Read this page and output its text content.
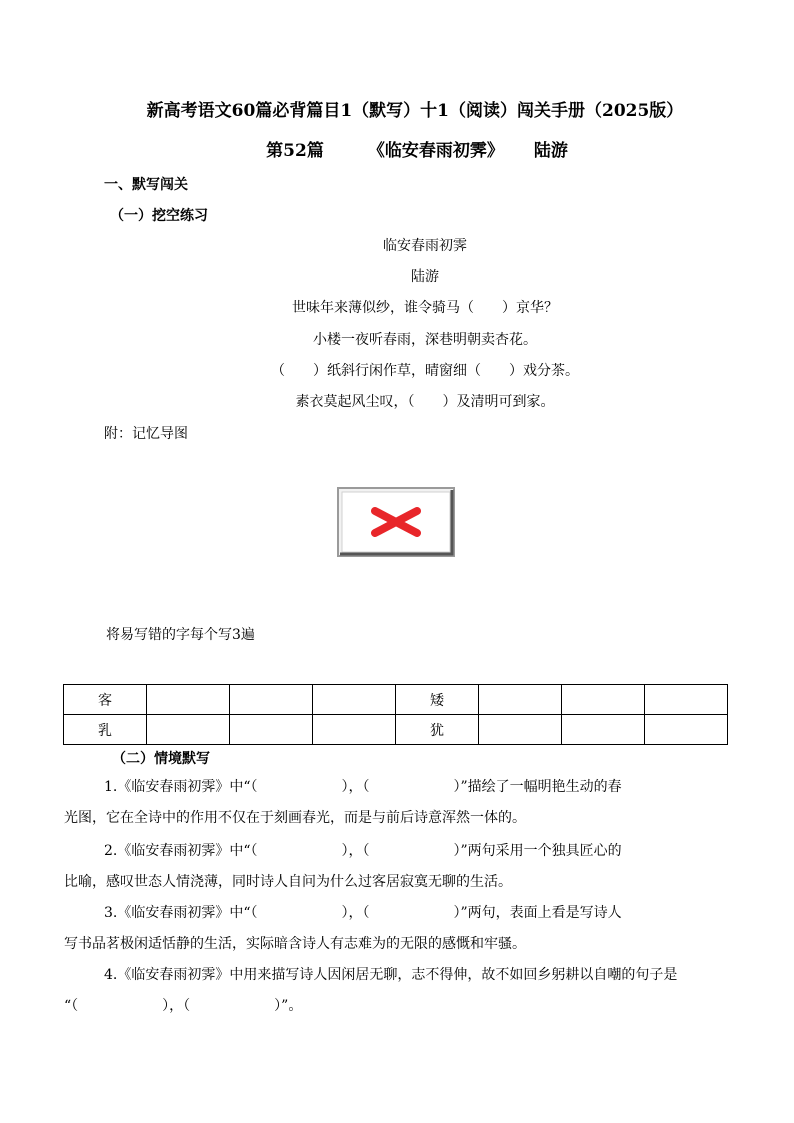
新高考语文60篇必背篇目1（默写）十1（阅读）闯关手册（2025版）
第52篇	《临安春雨初霁》 陆游
一、默写闯关
（一）挖空练习
临安春雨初霁
陆游
世味年来薄似纱，谁令骑马（　　）京华？
小楼一夜听春雨，深巷明朝卖杏花。
（　　）纸斜行闲作草，晴窗细（　　）戏分茶。
素衣莫起风尘叹，（　　）及清明可到家。
附：记忆导图
将易写错的字每个写3遍
客				矮			
乳				犹			
（二）情境默写
1.《临安春雨初霁》中“（　　　　　　），（　　　　　　）”描绘了一幅明艳生动的春
光图，它在全诗中的作用不仅在于刻画春光，而是与前后诗意浑然一体的。
2.《临安春雨初霁》中“（　　　　　　），（　　　　　　）”两句采用一个独具匠心的
比喻，感叹世态人情浇薄，同时诗人自问为什么过客居寂寞无聊的生活。
3.《临安春雨初霁》中“（　　　　　　），（　　　　　　）”两句，表面上看是写诗人
写书品茗极闲适恬静的生活，实际暗含诗人有志难为的无限的感慨和牢骚。
4.《临安春雨初霁》中用来描写诗人因闲居无聊，志不得伸，故不如回乡躬耕以自嘲的句子是
“（　　　　　　），（　　　　　　）”。
